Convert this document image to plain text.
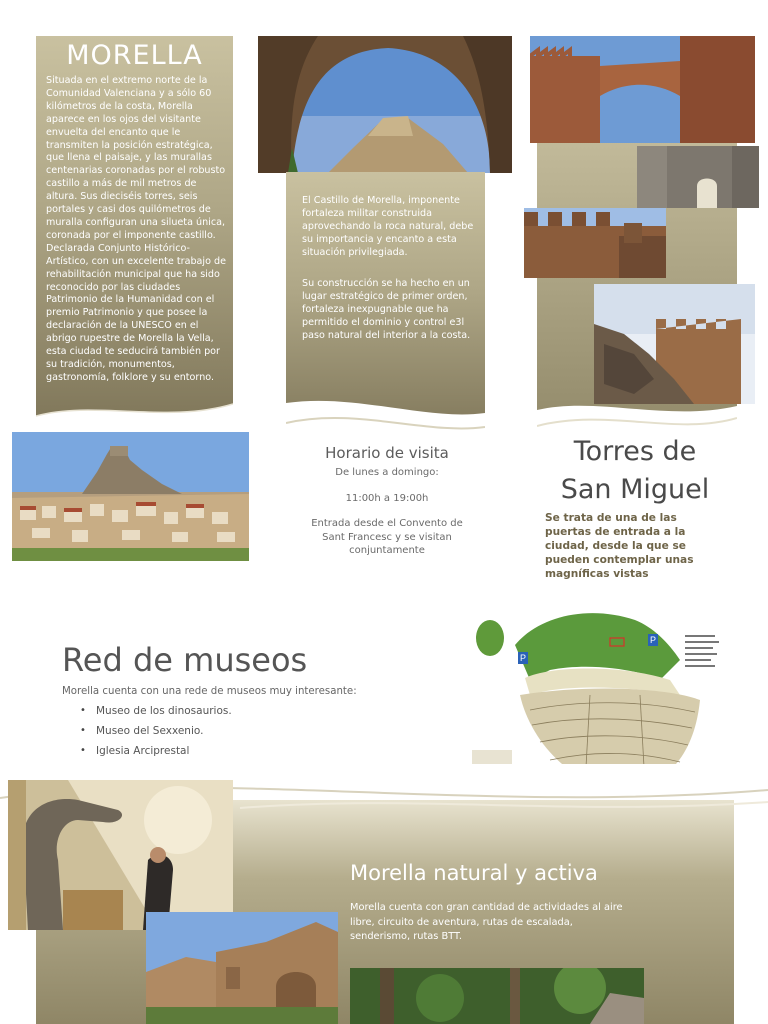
MORELLA
Situada en el extremo norte de la Comunidad Valenciana y a sólo 60 kilómetros de la costa, Morella aparece en los ojos del visitante envuelta del encanto que le transmiten la posición estratégica, que llena el paisaje, y las murallas centenarias coronadas por el robusto castillo a más de mil metros de altura. Sus dieciséis torres, seis portales y casi dos quilómetros de muralla configuran una silueta única, coronada por el imponente castillo. Declarada Conjunto Histórico-Artístico, con un excelente trabajo de rehabilitación municipal que ha sido reconocido por las ciudades Patrimonio de la Humanidad con el premio Patrimonio y que posee la declaración de la UNESCO en el abrigo rupestre de Morella la Vella, esta ciudad te seducirá también por su tradición, monumentos, gastronomía, folklore y su entorno.
El Castillo de Morella, imponente fortaleza militar construida aprovechando la roca natural, debe su importancia y encanto a esta situación privilegiada.
Su construcción se ha hecho en un lugar estratégico de primer orden, fortaleza inexpugnable que ha permitido el dominio y control e3l paso natural del interior a la costa.
Torres de
San Miguel
Se trata de una de las puertas de entrada a la ciudad, desde la que se pueden contemplar unas magníficas vistas
Horario de visita
De lunes a domingo:
11:00h a 19:00h
Entrada desde el Convento de Sant Francesc y se visitan conjuntamente
Red de museos
Morella cuenta con una rede de museos muy interesante:
• Museo de los dinosaurios.
• Museo del Sexxenio.
• Iglesia Arciprestal
•
P
P
Morella natural y activa
Morella cuenta con gran cantidad de actividades al aire libre, circuito de aventura, rutas de escalada, senderismo, rutas BTT.
